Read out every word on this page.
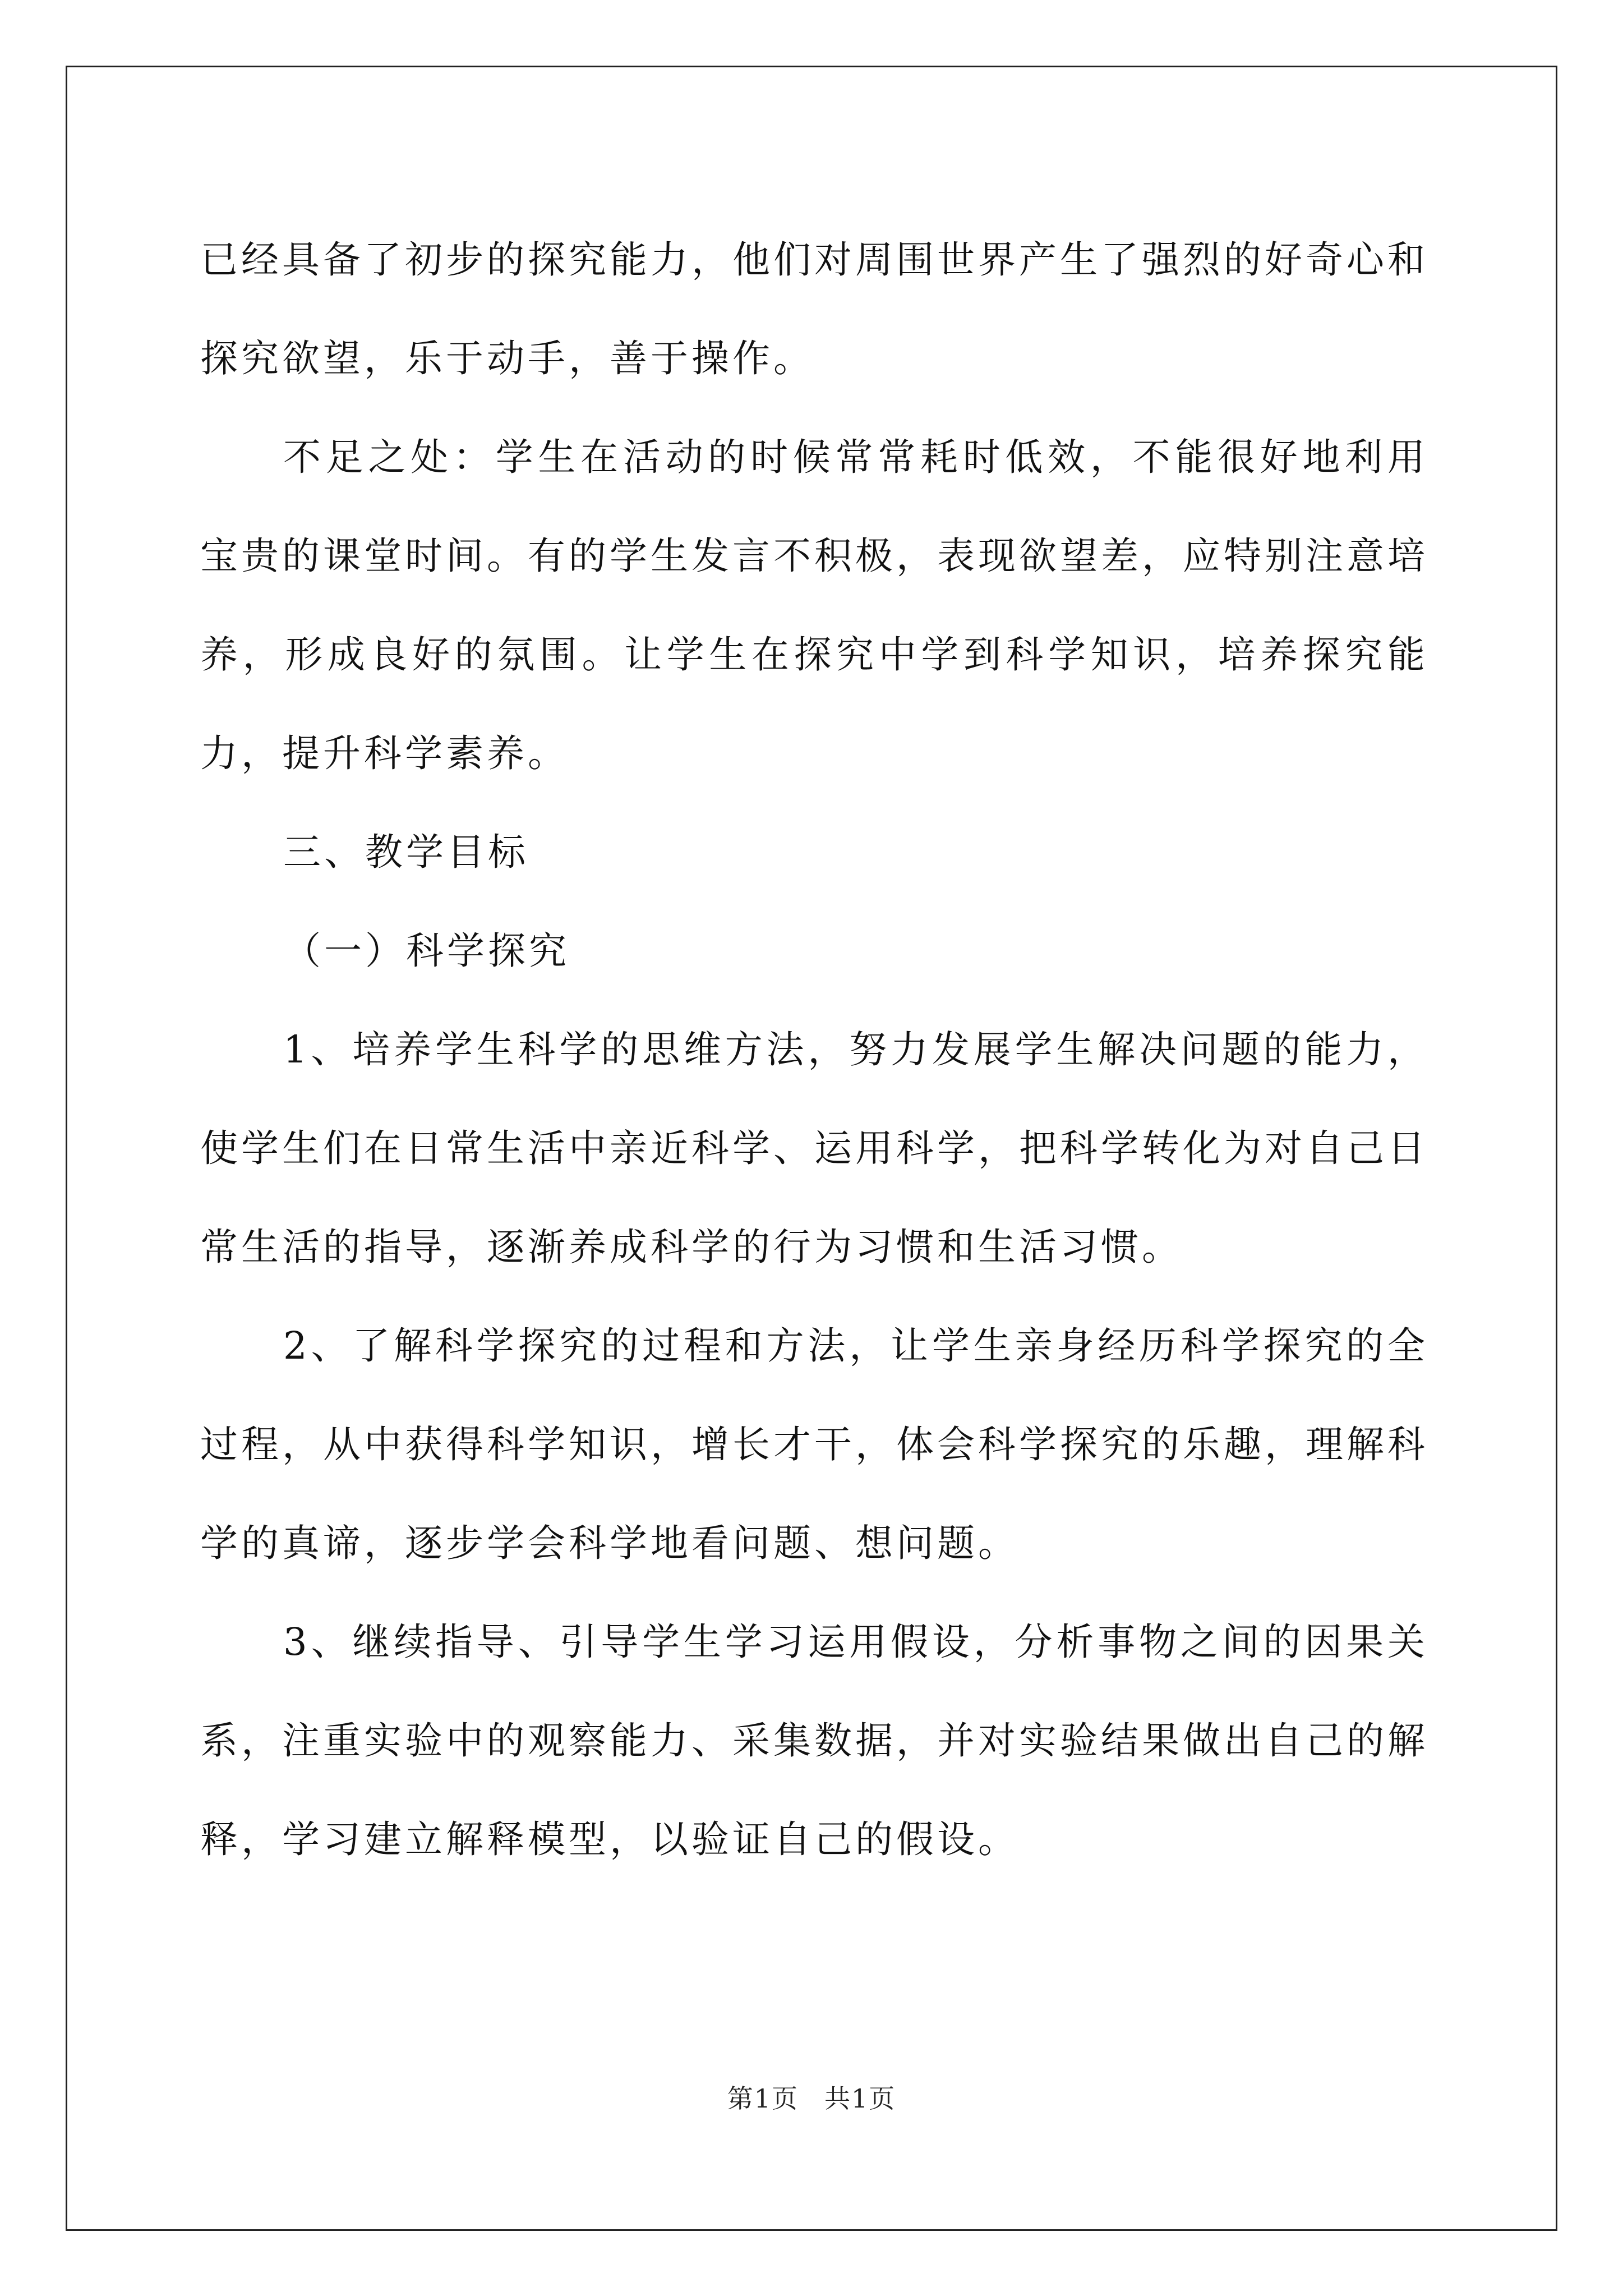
已经具备了初步的探究能力，他们对周围世界产生了强烈的好奇心和探究欲望，乐于动手，善于操作。

不足之处：学生在活动的时候常常耗时低效，不能很好地利用宝贵的课堂时间。有的学生发言不积极，表现欲望差，应特别注意培养，形成良好的氛围。让学生在探究中学到科学知识，培养探究能力，提升科学素养。

三、教学目标

（一）科学探究

1、培养学生科学的思维方法，努力发展学生解决问题的能力，使学生们在日常生活中亲近科学、运用科学，把科学转化为对自己日常生活的指导，逐渐养成科学的行为习惯和生活习惯。

2、了解科学探究的过程和方法，让学生亲身经历科学探究的全过程，从中获得科学知识，增长才干，体会科学探究的乐趣，理解科学的真谛，逐步学会科学地看问题、想问题。

3、继续指导、引导学生学习运用假设，分析事物之间的因果关系，注重实验中的观察能力、采集数据，并对实验结果做出自己的解释，学习建立解释模型，以验证自己的假设。

第1页 共1页
